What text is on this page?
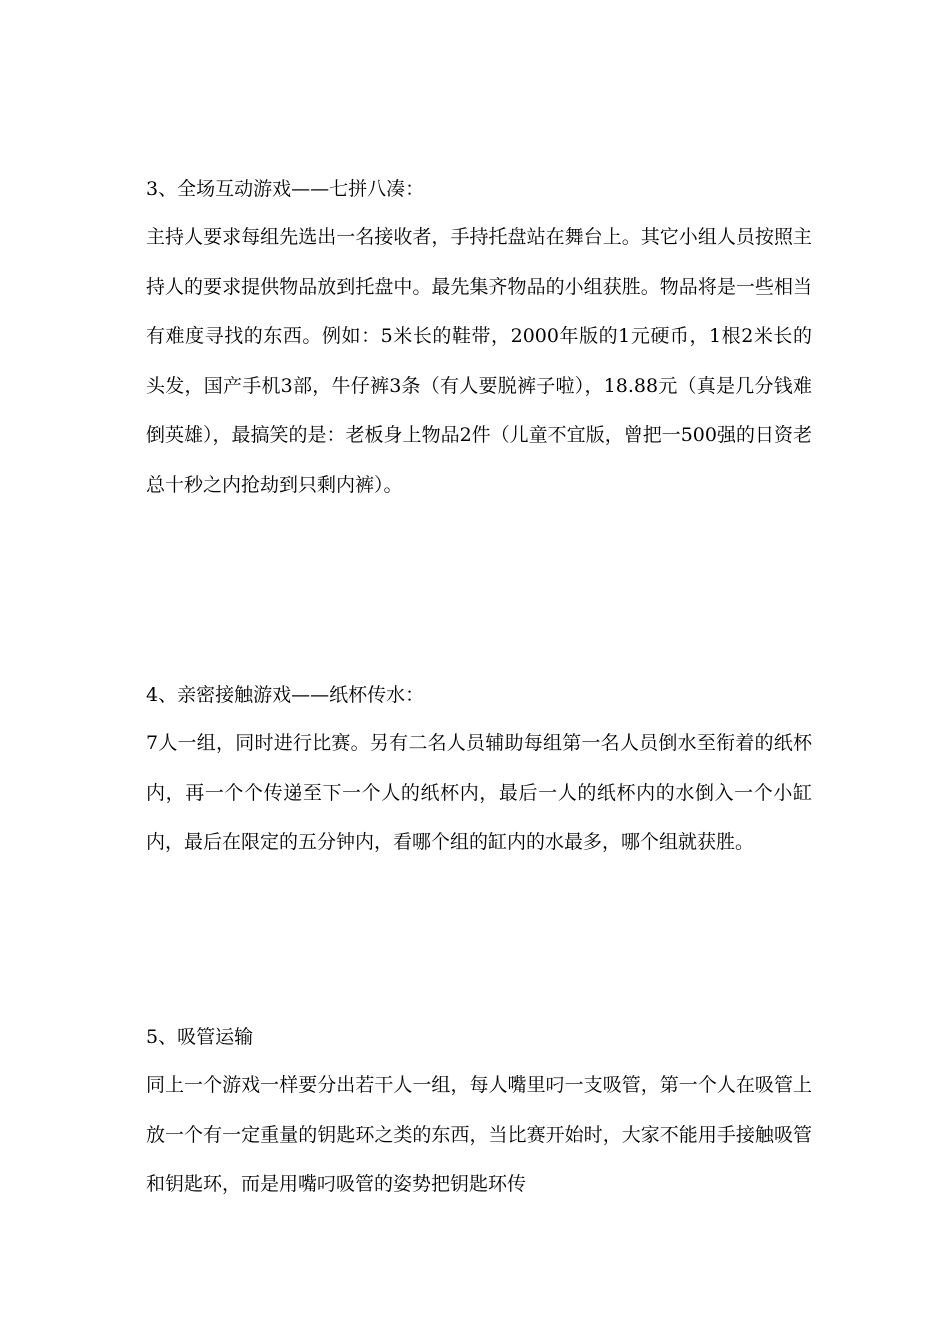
3、全场互动游戏——七拼八凑：

主持人要求每组先选出一名接收者，手持托盘站在舞台上。其它小组人员按照主持人的要求提供物品放到托盘中。最先集齐物品的小组获胜。物品将是一些相当有难度寻找的东西。例如：5米长的鞋带，2000年版的1元硬币，1根2米长的头发，国产手机3部，牛仔裤3条（有人要脱裤子啦），18.88元（真是几分钱难倒英雄），最搞笑的是：老板身上物品2件（儿童不宜版，曾把一500强的日资老总十秒之内抢劫到只剩内裤）。

4、亲密接触游戏——纸杯传水：

7人一组，同时进行比赛。另有二名人员辅助每组第一名人员倒水至衔着的纸杯内，再一个个传递至下一个人的纸杯内，最后一人的纸杯内的水倒入一个小缸内，最后在限定的五分钟内，看哪个组的缸内的水最多，哪个组就获胜。

5、吸管运输

同上一个游戏一样要分出若干人一组，每人嘴里叼一支吸管，第一个人在吸管上放一个有一定重量的钥匙环之类的东西，当比赛开始时，大家不能用手接触吸管和钥匙环，而是用嘴叼吸管的姿势把钥匙环传
